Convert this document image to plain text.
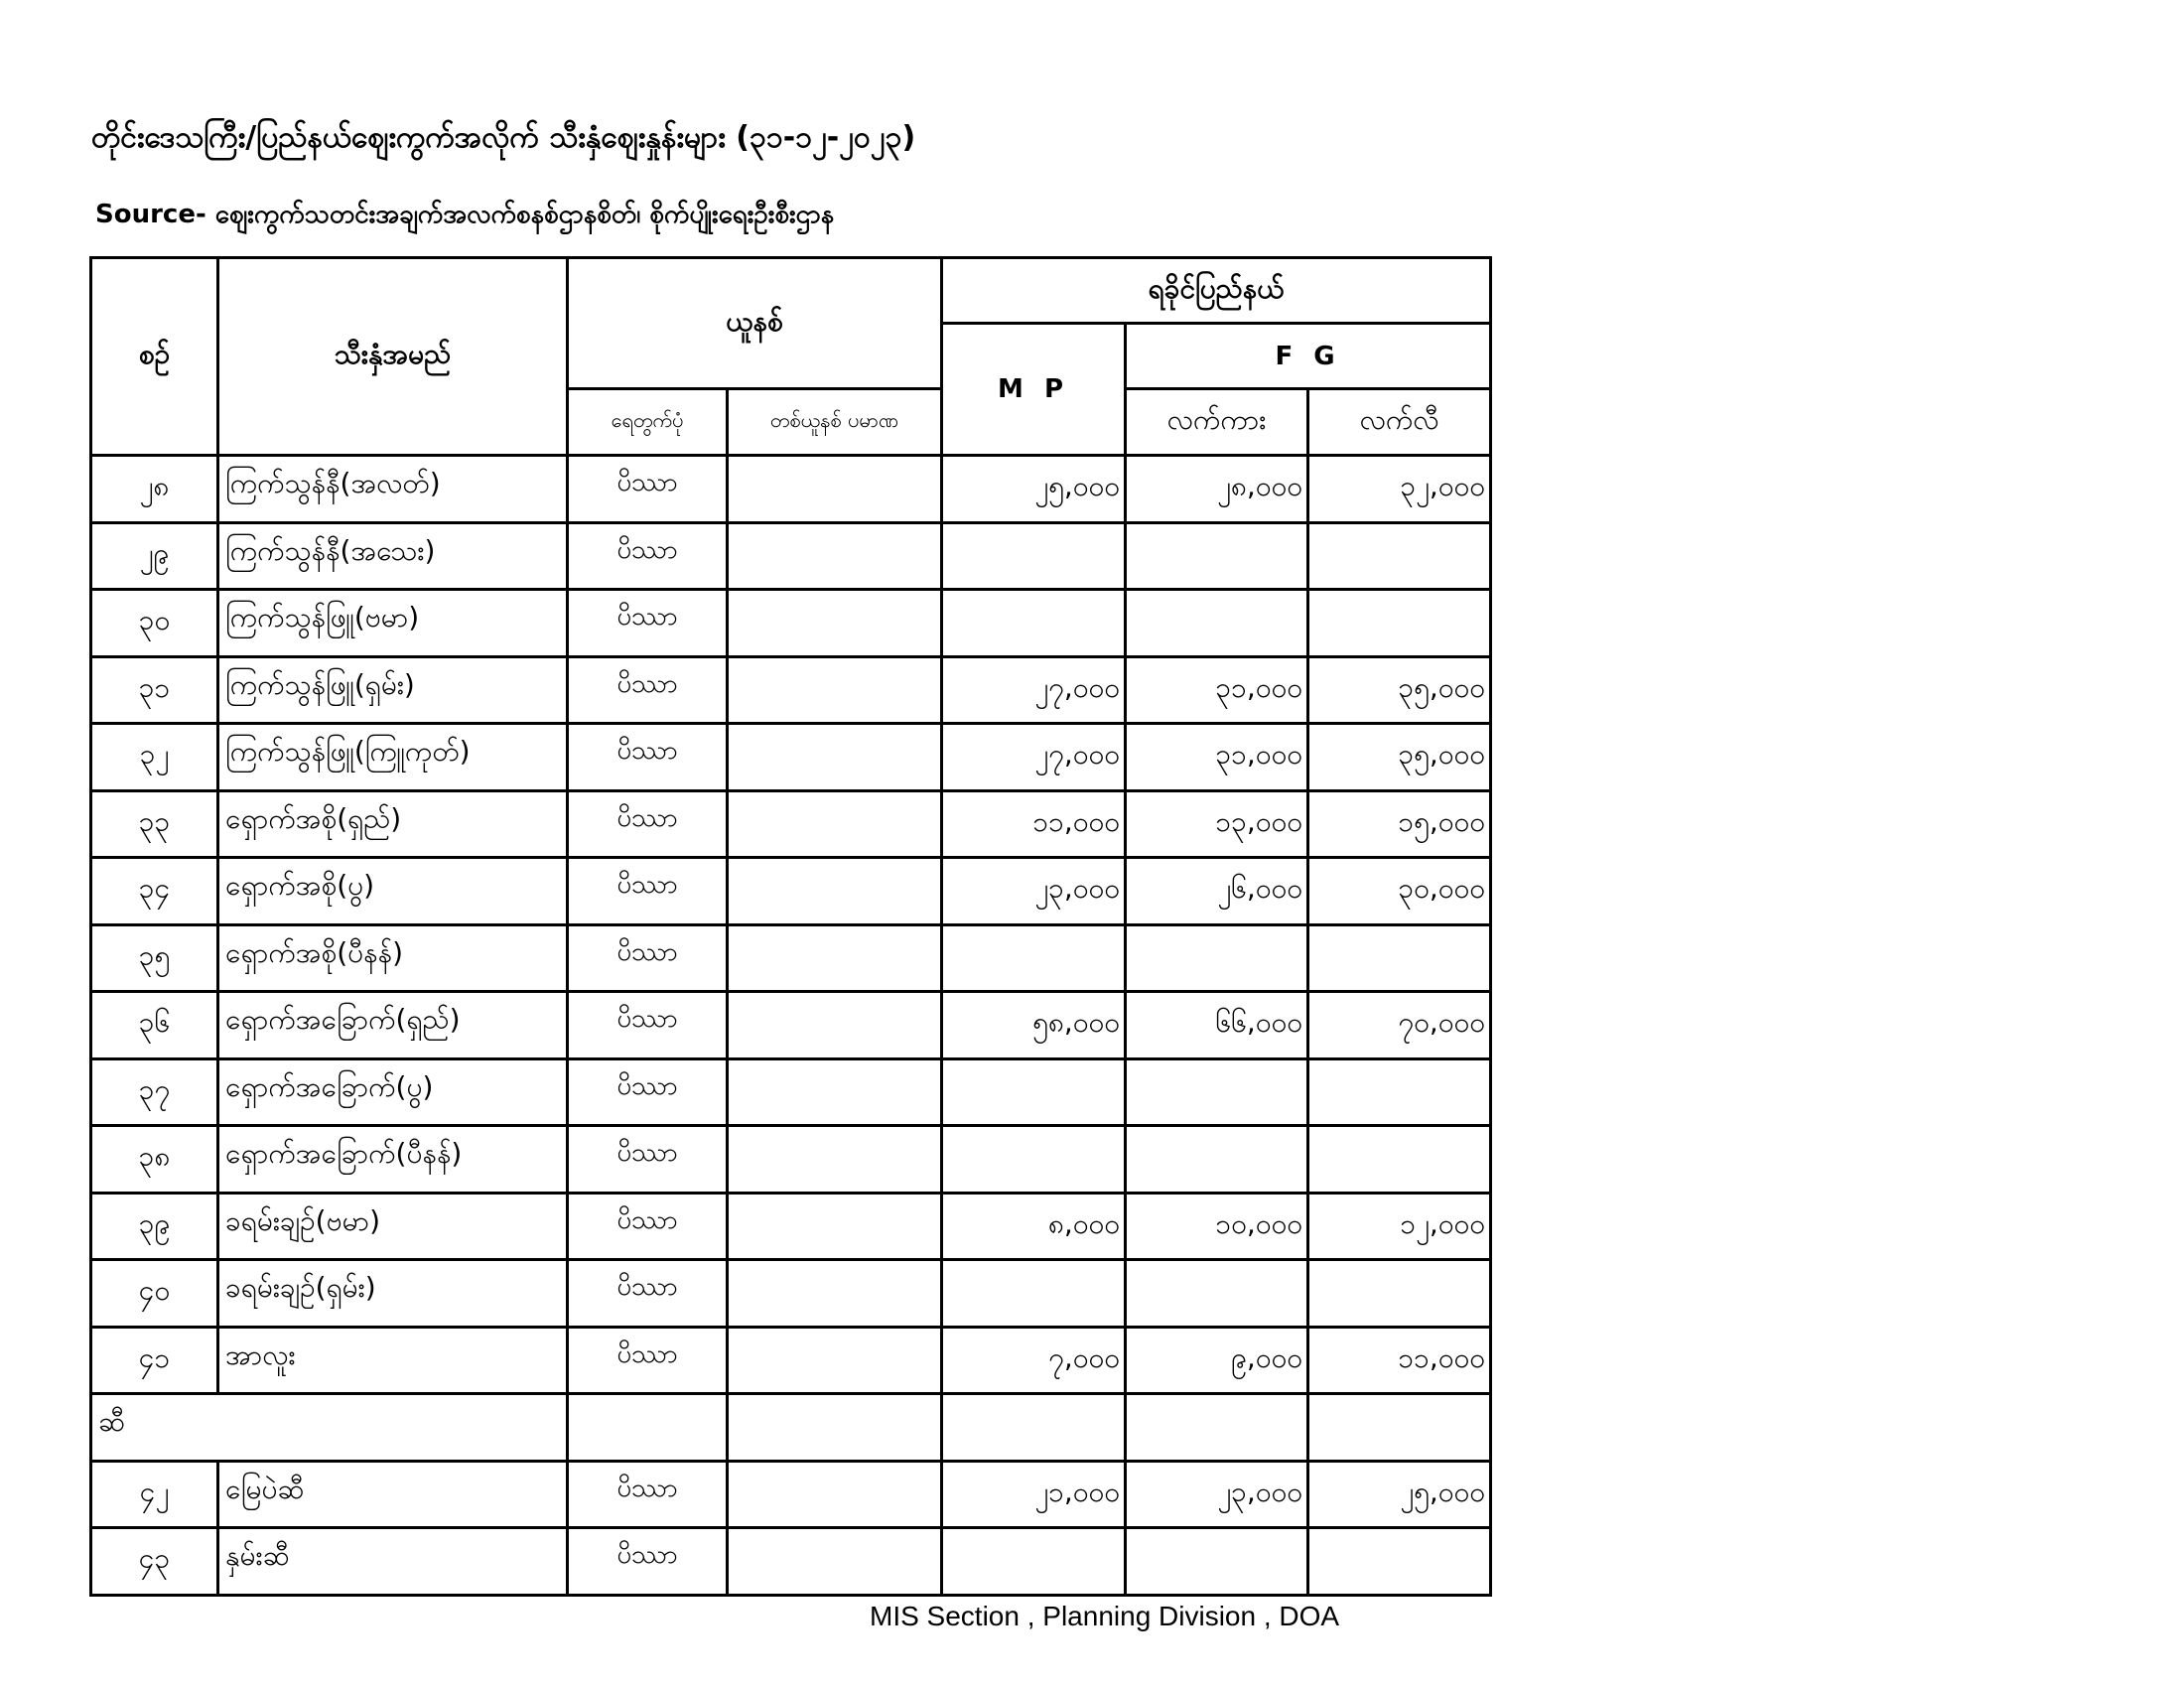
တိုင်းဒေသကြီး/ပြည်နယ်ဈေးကွက်အလိုက် သီးနှံဈေးနှုန်းများ (၃၁-၁၂-၂၀၂၃)
Source- ဈေးကွက်သတင်းအချက်အလက်စနစ်ဌာနစိတ်၊ စိုက်ပျိုးရေးဦးစီးဌာန
စဉ်	သီးနှံအမည်	ယူနစ်		ရခိုင်ပြည်နယ်		
				M P	F G	
		ရေတွက်ပုံ	တစ်ယူနစ် ပမာဏ		လက်ကား	လက်လီ
၂၈	ကြက်သွန်နီ(အလတ်)	ပိဿာ		၂၅,၀၀၀	၂၈,၀၀၀	၃၂,၀၀၀
၂၉	ကြက်သွန်နီ(အသေး)	ပိဿာ				
၃၀	ကြက်သွန်ဖြူ(ဗမာ)	ပိဿာ				
၃၁	ကြက်သွန်ဖြူ(ရှမ်း)	ပိဿာ		၂၇,၀၀၀	၃၁,၀၀၀	၃၅,၀၀၀
၃၂	ကြက်သွန်ဖြူ(ကြူကုတ်)	ပိဿာ		၂၇,၀၀၀	၃၁,၀၀၀	၃၅,၀၀၀
၃၃	ရှောက်အစို(ရှည်)	ပိဿာ		၁၁,၀၀၀	၁၃,၀၀၀	၁၅,၀၀၀
၃၄	ရှောက်အစို(ပွ)	ပိဿာ		၂၃,၀၀၀	၂၆,၀၀၀	၃၀,၀၀၀
၃၅	ရှောက်အစို(ပီနန်)	ပိဿာ				
၃၆	ရှောက်အခြောက်(ရှည်)	ပိဿာ		၅၈,၀၀၀	၆၆,၀၀၀	၇၀,၀၀၀
၃၇	ရှောက်အခြောက်(ပွ)	ပိဿာ				
၃၈	ရှောက်အခြောက်(ပီနန်)	ပိဿာ				
၃၉	ခရမ်းချဉ်(ဗမာ)	ပိဿာ		၈,၀၀၀	၁၀,၀၀၀	၁၂,၀၀၀
၄၀	ခရမ်းချဉ်(ရှမ်း)	ပိဿာ				
၄၁	အာလူး	ပိဿာ		၇,၀၀၀	၉,၀၀၀	၁၁,၀၀၀
ဆီ						
၄၂	မြေပဲဆီ	ပိဿာ		၂၁,၀၀၀	၂၃,၀၀၀	၂၅,၀၀၀
၄၃	နှမ်းဆီ	ပိဿာ				
MIS Section , Planning Division , DOA
